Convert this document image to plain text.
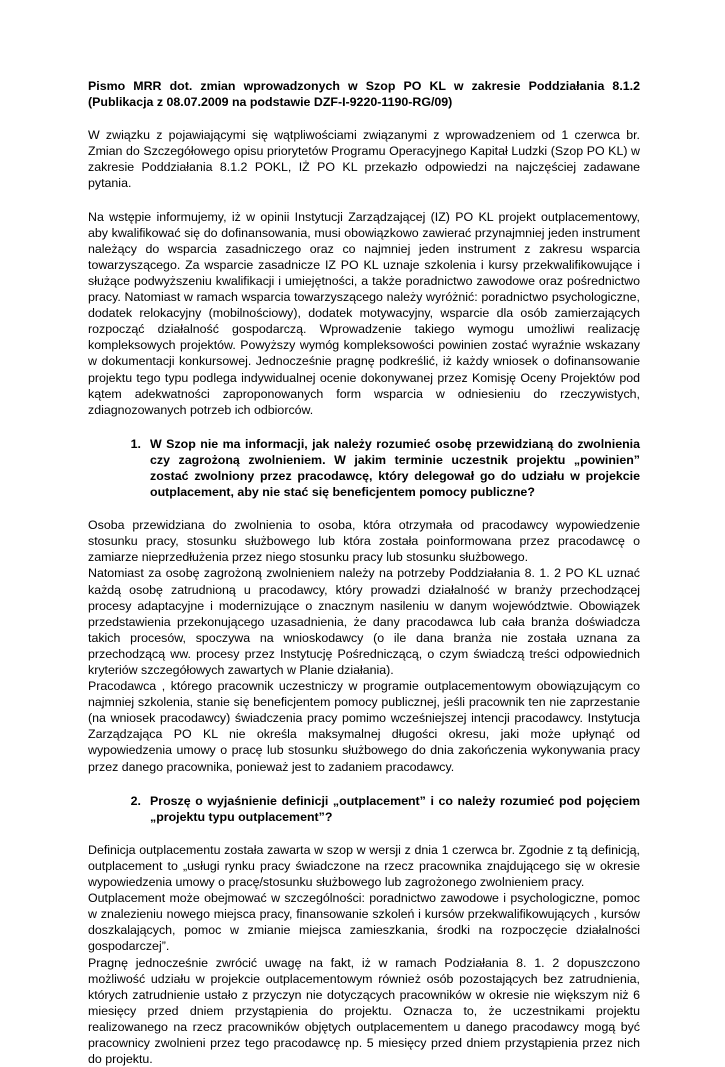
Pismo MRR dot. zmian wprowadzonych w Szop PO KL w zakresie Poddziałania 8.1.2 (Publikacja z 08.07.2009 na podstawie DZF-I-9220-1190-RG/09)

W związku z pojawiającymi się wątpliwościami związanymi z wprowadzeniem od 1 czerwca br. Zmian do Szczegółowego opisu priorytetów Programu Operacyjnego Kapitał Ludzki (Szop PO KL) w zakresie Poddziałania 8.1.2 POKL, IŻ PO KL przekazło odpowiedzi na najczęściej zadawane pytania.

Na wstępie informujemy, iż w opinii Instytucji Zarządzającej (IZ) PO KL projekt outplacementowy, aby kwalifikować się do dofinansowania, musi obowiązkowo zawierać przynajmniej jeden instrument należący do wsparcia zasadniczego oraz co najmniej jeden instrument z zakresu wsparcia towarzyszącego. Za wsparcie zasadnicze IZ PO KL uznaje szkolenia i kursy przekwalifikowujące i służące podwyższeniu kwalifikacji i umiejętności, a także poradnictwo zawodowe oraz pośrednictwo pracy. Natomiast w ramach wsparcia towarzyszącego należy wyróżnić: poradnictwo psychologiczne, dodatek relokacyjny (mobilnościowy), dodatek motywacyjny, wsparcie dla osób zamierzających rozpocząć działalność gospodarczą. Wprowadzenie takiego wymogu umożliwi realizację kompleksowych projektów. Powyższy wymóg kompleksowości powinien zostać wyraźnie wskazany w dokumentacji konkursowej. Jednocześnie pragnę podkreślić, iż każdy wniosek o dofinansowanie projektu tego typu podlega indywidualnej ocenie dokonywanej przez Komisję Oceny Projektów pod kątem adekwatności zaproponowanych form wsparcia w odniesieniu do rzeczywistych, zdiagnozowanych potrzeb ich odbiorców.

1. W Szop nie ma informacji, jak należy rozumieć osobę przewidzianą do zwolnienia czy zagrożoną zwolnieniem. W jakim terminie uczestnik projektu „powinien” zostać zwolniony przez pracodawcę, który delegował go do udziału w projekcie outplacement, aby nie stać się beneficjentem pomocy publiczne?

Osoba przewidziana do zwolnienia to osoba, która otrzymała od pracodawcy wypowiedzenie stosunku pracy, stosunku służbowego lub która została poinformowana przez pracodawcę o zamiarze nieprzedłużenia przez niego stosunku pracy lub stosunku służbowego.

Natomiast za osobę zagrożoną zwolnieniem należy na potrzeby Poddziałania 8. 1. 2 PO KL uznać każdą osobę zatrudnioną u pracodawcy, który prowadzi działalność w branży przechodzącej procesy adaptacyjne i modernizujące o znacznym nasileniu w danym województwie. Obowiązek przedstawienia przekonującego uzasadnienia, że dany pracodawca lub cała branża doświadcza takich procesów, spoczywa na wnioskodawcy (o ile dana branża nie została uznana za przechodzącą ww. procesy przez Instytucję Pośredniczącą, o czym świadczą treści odpowiednich kryteriów szczegółowych zawartych w Planie działania).

Pracodawca , którego pracownik uczestniczy w programie outplacementowym obowiązującym co najmniej szkolenia, stanie się beneficjentem pomocy publicznej, jeśli pracownik ten nie zaprzestanie (na wniosek pracodawcy) świadczenia pracy pomimo wcześniejszej intencji pracodawcy. Instytucja Zarządzająca PO KL nie określa maksymalnej długości okresu, jaki może upłynąć od wypowiedzenia umowy o pracę lub stosunku służbowego do dnia zakończenia wykonywania pracy przez danego pracownika, ponieważ jest to zadaniem pracodawcy.

2. Proszę o wyjaśnienie definicji „outplacement” i co należy rozumieć pod pojęciem „projektu typu outplacement”?

Definicja outplacementu została zawarta w szop w wersji z dnia 1 czerwca br. Zgodnie z tą definicją, outplacement to „usługi rynku pracy świadczone na rzecz pracownika znajdującego się w okresie wypowiedzenia umowy o pracę/stosunku służbowego lub zagrożonego zwolnieniem pracy.

Outplacement może obejmować w szczególności: poradnictwo zawodowe i psychologiczne, pomoc w znalezieniu nowego miejsca pracy, finansowanie szkoleń i kursów przekwalifikowujących , kursów doszkalających, pomoc w zmianie miejsca zamieszkania, środki na rozpoczęcie działalności gospodarczej”.

Pragnę jednocześnie zwrócić uwagę na fakt, iż w ramach Podziałania 8. 1. 2 dopuszczono możliwość udziału w projekcie outplacementowym również osób pozostających bez zatrudnienia, których zatrudnienie ustało z przyczyn nie dotyczących pracowników w okresie nie większym niż 6 miesięcy przed dniem przystąpienia do projektu. Oznacza to, że uczestnikami projektu realizowanego na rzecz pracowników objętych outplacementem u danego pracodawcy mogą być pracownicy zwolnieni przez tego pracodawcę np. 5 miesięcy przed dniem przystąpienia przez nich do projektu.
